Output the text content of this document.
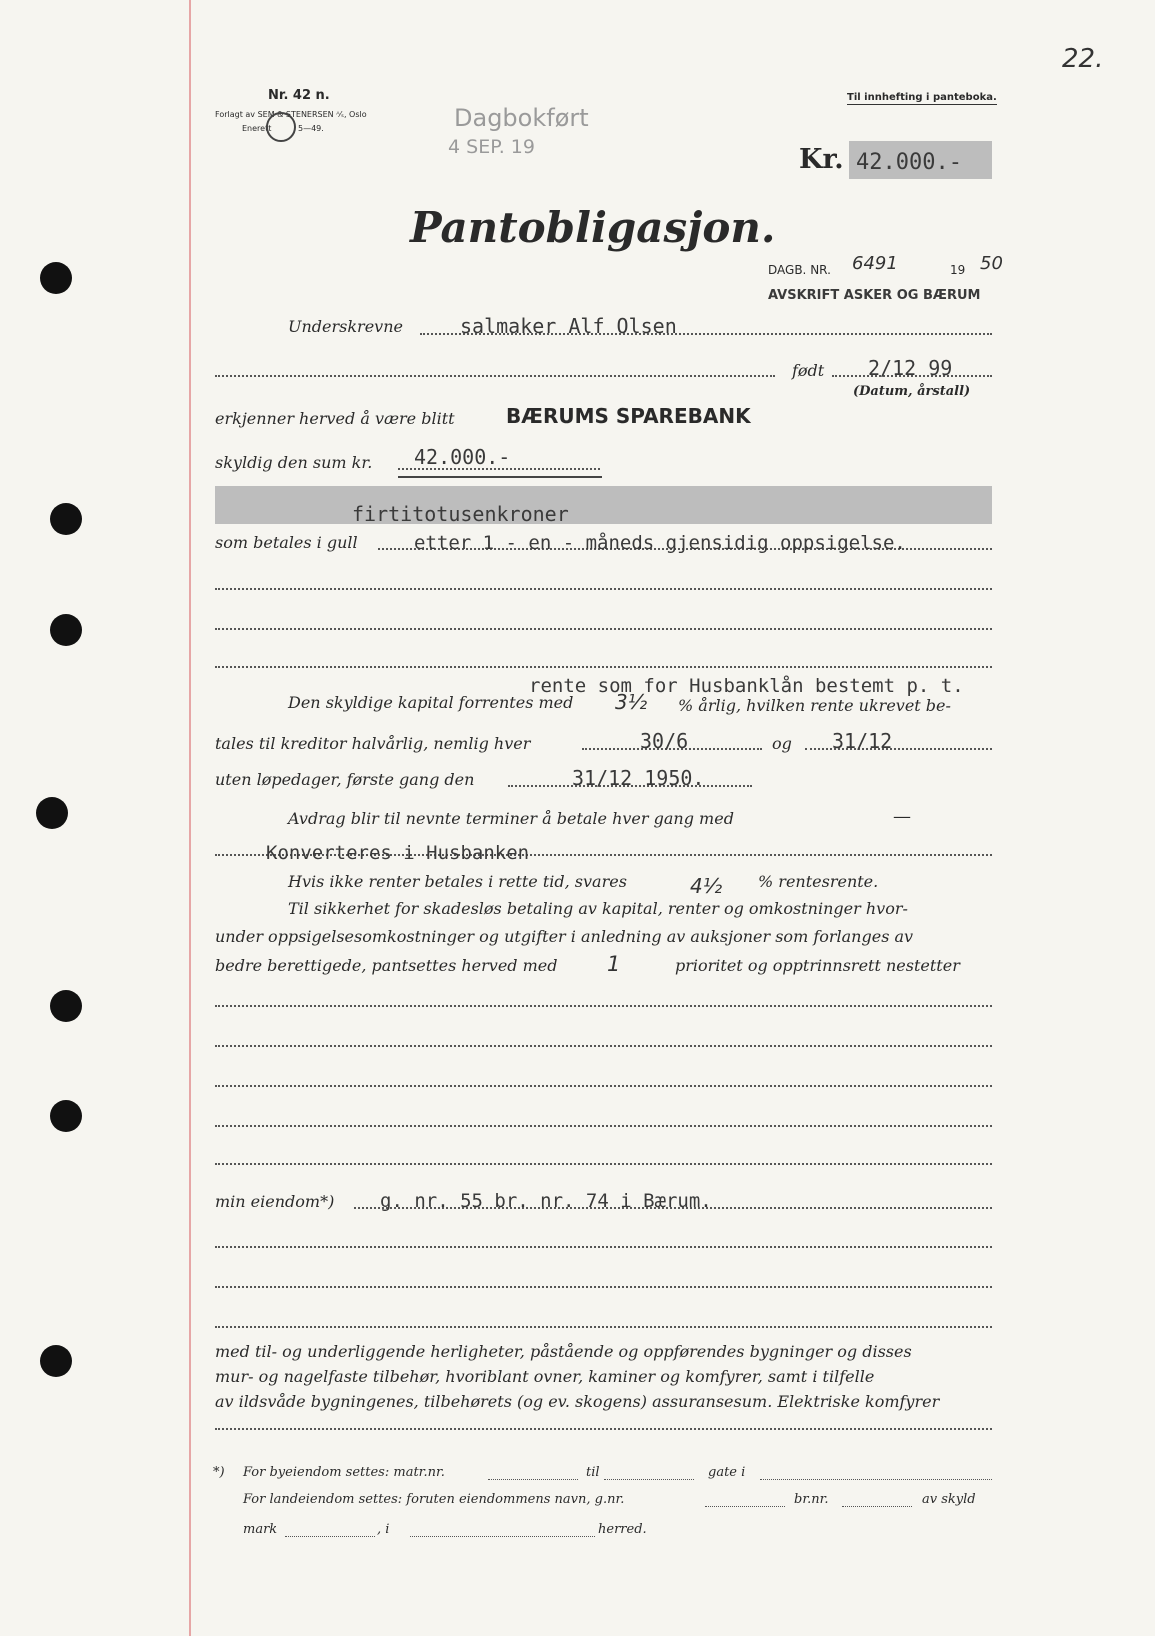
22.
Nr. 42 n.
Forlagt av SEM & STENERSEN ᴬ⁄ₛ, Oslo
Enerett	5—49.	Dagbokført
4 SEP. 19
Til innhefting i panteboka.
Kr. 42.000.-
Pantobligasjon.
DAGB. NR. 6491	19 50
AVSKRIFT ASKER OG BÆRUM
Underskrevne	salmaker Alf Olsen
født 2/12 99
(Datum, årstall)
erkjenner herved å være blitt	BÆRUMS SPAREBANK
skyldig den sum kr. 42.000.-
firtitotusenkroner
som betales i gull	etter 1 - en - måneds gjensidig oppsigelse.
rente som for Husbanklån bestemt p. t.
Den skyldige kapital forrentes med 3½ % årlig, hvilken rente ukrevet be-
tales til kreditor halvårlig, nemlig hver	30/6	og 31/12
uten løpedager, første gang den	31/12 1950.
Avdrag blir til nevnte terminer å betale hver gang med	—
Konverteres i Husbanken
Hvis ikke renter betales i rette tid, svares	4½ % rentesrente.
Til sikkerhet for skadesløs betaling av kapital, renter og omkostninger hvor-
under oppsigelsesomkostninger og utgifter i anledning av auksjoner som forlanges av
bedre berettigede, pantsettes herved med 1	prioritet og opptrinnsrett nestetter
min eiendom*) g. nr. 55 br. nr. 74 i Bærum.
med til- og underliggende herligheter, påstående og oppførendes bygninger og disses
mur- og nagelfaste tilbehør, hvoriblant ovner, kaminer og komfyrer, samt i tilfelle
av ildsvåde bygningenes, tilbehørets (og ev. skogens) assuransesum. Elektriske komfyrer
*) For byeiendom settes: matr.nr.	til	gate i
For landeiendom settes: foruten eiendommens navn, g.nr.	br.nr.	av skyld
mark	, i	herred.
